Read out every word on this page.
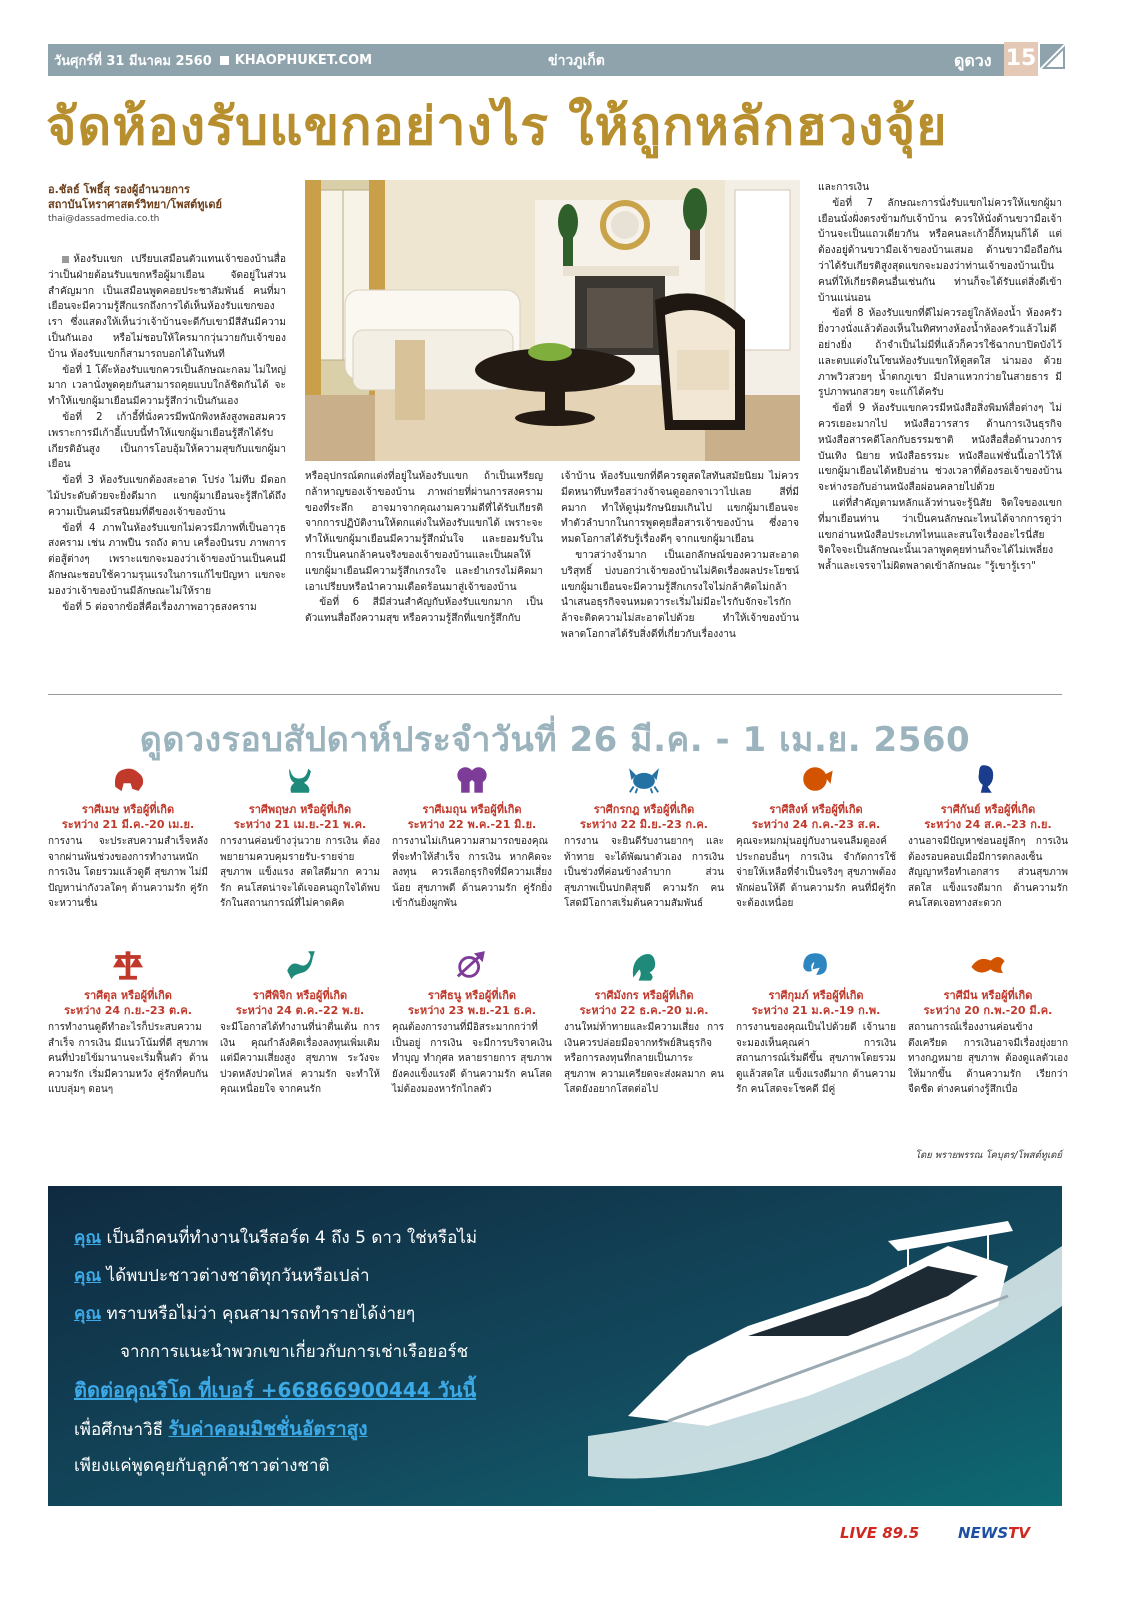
วันศุกร์ที่ 31 มีนาคม 2560 KHAOPHUKET.COM	ข่าวภูเก็ต	ดูดวง 15
จัดห้องรับแขกอย่างไร ให้ถูกหลักฮวงจุ้ย
อ.ชัลธ์ โพธิ์สุ รองผู้อำนวยการ
สถาบันโหราศาสตร์วิทยา/โพสต์ทูเดย์
thai@dassadmedia.co.th

ห้องรับแขก เปรียบเสมือนตัวแทนเจ้าของบ้านสื่อว่าเป็นฝ่ายต้อนรับแขกหรือผู้มาเยือน จัดอยู่ในส่วนสำคัญมาก เป็นเสมือนพูดคอยประชาสัมพันธ์ คนที่มาเยือนจะมีความรู้สึกแรกถึงการได้เห็นห้องรับแขกของเรา ซึ่งแสดงให้เห็นว่าเจ้าบ้านจะดีกับเขามีสีสันมีความเป็นกันเอง หรือไม่ชอบให้ใครมากวุ่นวายกับเจ้าของบ้าน ห้องรับแขกก็สามารถบอกได้ในทันที

ข้อที่ 1 โต๊ะห้องรับแขกควรเป็นลักษณะกลม ไม่ใหญ่มาก เวลานั่งพูดคุยกันสามารถคุยแบบใกล้ชิดกันได้ จะทำให้แขกผู้มาเยือนมีความรู้สึกว่าเป็นกันเอง

ข้อที่ 2 เก้าอี้ที่นั่งควรมีพนักพิงหลังสูงพอสมควร เพราะการมีเก้าอี้แบบนี้ทำให้แขกผู้มาเยือนรู้สึกได้รับเกียรติอันสูง เป็นการโอบอุ้มให้ความสุขกับแขกผู้มาเยือน

ข้อที่ 3 ห้องรับแขกต้องสะอาด โปร่ง ไม่ทึบ มีดอกไม้ประดับด้วยจะยิ่งดีมาก แขกผู้มาเยือนจะรู้สึกได้ถึงความเป็นคนมีรสนิยมที่ดีของเจ้าของบ้าน

ข้อที่ 4 ภาพในห้องรับแขกไม่ควรมีภาพที่เป็นอาวุธสงคราม เช่น ภาพปืน รถถัง ดาบ เครื่องบินรบ ภาพการต่อสู้ต่างๆ เพราะแขกจะมองว่าเจ้าของบ้านเป็นคนมีลักษณะชอบใช้ความรุนแรงในการแก้ไขปัญหา แขกจะมองว่าเจ้าของบ้านมีลักษณะไม่ให้ราย

ข้อที่ 5 ต่อจากข้อสี่คือเรื่องภาพอาวุธสงคราม

หรืออุปกรณ์ตกแต่งที่อยู่ในห้องรับแขก ถ้าเป็นเหรียญกล้าหาญของเจ้าของบ้าน ภาพถ่ายที่ผ่านการสงคราม ของที่ระลึก อาจมาจากคุณงามความดีที่ได้รับเกียรติจากการปฏิบัติงานให้ตกแต่งในห้องรับแขกได้ เพราะจะทำให้แขกผู้มาเยือนมีความรู้สึกมั่นใจ และยอมรับในการเป็นคนกล้าคนจริงของเจ้าของบ้านและเป็นผลให้แขกผู้มาเยือนมีความรู้สึกเกรงใจ และยำเกรงไม่คิดมาเอาเปรียบหรือนำความเดือดร้อนมาสู่เจ้าของบ้าน

ข้อที่ 6 สีมีส่วนสำคัญกับห้องรับแขกมาก เป็นตัวแทนสื่อถึงความสุข หรือความรู้สึกที่แขกรู้สึกกับ

เจ้าบ้าน ห้องรับแขกที่ดีควรดูสดใสทันสมัยนิยม ไม่ควรมีตหนาทึบหรือสว่างจ้าจนดูออกจาเวาไปเลย สีที่มีคมาก ทำให้ดูนุ่มรักษนิยมเกินไป แขกผู้มาเยือนจะทำตัวลำบากในการพูดคุยสื่อสารเจ้าของบ้าน ซึ่งอาจหมดโอกาสได้รับรู้เรื่องดีๆ จากแขกผู้มาเยือน

ขาวสว่างจ้ามาก เป็นเอกลักษณ์ของความสะอาด บริสุทธิ์ บ่งบอกว่าเจ้าของบ้านไม่คิดเรื่องผลประโยชน์ แขกผู้มาเยือนจะมีความรู้สึกเกรงใจไม่กล้าคิดไม่กล้านำเสนอธุรกิจจนหมดวาระเริ่มไม่มีอะไรกับจักจะไรกักล้าจะติดความไม่สะอาดไปด้วย ทำให้เจ้าของบ้านพลาดโอกาสได้รับสิ่งดีที่เกี่ยวกับเรื่องงาน

และการเงิน

ข้อที่ 7 ลักษณะการนั่งรับแขกไม่ควรให้แขกผู้มาเยือนนั่งฝั่งตรงข้ามกับเจ้าบ้าน ควรให้นั่งด้านขวามือเจ้าบ้านจะเป็นแถวเดียวกัน หรือคนละเก้าอี้ก็หมุนก็ได้ แต่ต้องอยู่ด้านขวามือเจ้าของบ้านเสมอ ด้านขวามือถือกันว่าได้รับเกียรติสูงสุดแขกจะมองว่าท่านเจ้าของบ้านเป็นคนที่ให้เกียรติคนอื่นเช่นกัน ท่านก็จะได้รับแต่สิ่งดีเข้าบ้านแน่นอน

ข้อที่ 8 ห้องรับแขกที่ดีไม่ควรอยู่ใกล้ห้องน้ำ ห้องครัว ยิ่งวางนั่งแล้วต้องเห็นในทิศทางห้องน้ำห้องครัวแล้วไม่ดีอย่างยิ่ง ถ้าจำเป็นไม่มีที่แล้วก็ควรใช้ฉากบาปิดบังไว้ และตบแต่งในโซนห้องรับแขกให้ดูสดใส น่ามอง ด้วยภาพวิวสวยๆ น้ำตกภูเขา มีปลาแหวกว่ายในสายธาร มีรูปภาพนกสวยๆ จะแก้ได้ครับ

ข้อที่ 9 ห้องรับแขกควรมีหนังสือสิ่งพิมพ์สื่อต่างๆ ไม่ควรเยอะมากไป หนังสือวารสาร ด้านการเงินธุรกิจ หนังสือสารคดีโลกกับธรรมชาติ หนังสือสื่อด้านวงการบันเทิง นิยาย หนังสือธรรมะ หนังสือแฟชั่นนี้เอาไว้ให้แขกผู้มาเยือนได้หยิบอ่าน ช่วงเวลาที่ต้องรอเจ้าของบ้านจะห่างรอกับอ่านหนังสือผ่อนคลายไปด้วย

แต่ที่สำคัญตามหลักแล้วท่านจะรู้นิสัย จิตใจของแขกที่มาเยือนท่าน ว่าเป็นคนลักษณะไหนได้จากการดูว่าแขกอ่านหนังสือประเภทไหนและสนใจเรื่องอะไรนี่สัย จิตใจจะเป็นลักษณะนั้นเวลาพูดคุยท่านก็จะได้ไม่เพลี่ยงพล้ำและเจรจาไม่ผิดพลาดเข้าลักษณะ "รู้เขารู้เรา"

ดูดวงรอบสัปดาห์ประจำวันที่ 26 มี.ค. - 1 เม.ย. 2560
ราศีเมษ หรือผู้ที่เกิด
ระหว่าง 21 มี.ค.-20 เม.ย.
การงาน จะประสบความสำเร็จหลังจากผ่านพ้นช่วงของการทำงานหนัก การเงิน โดยรวมแล้วดูดี สุขภาพ ไม่มีปัญหาน่ากังวลใดๆ ด้านความรัก คู่รักจะหวานชื่น
ราศีพฤษภ หรือผู้ที่เกิด
ระหว่าง 21 เม.ย.-21 พ.ค.
การงานค่อนข้างวุ่นวาย การเงิน ต้องพยายามควบคุมรายรับ-รายจ่าย สุขภาพ แข็งแรง สดใสดีมาก ความรัก คนโสดน่าจะได้เจอคนถูกใจได้พบรักในสถานการณ์ที่ไม่คาดคิด
ราศีเมถุน หรือผู้ที่เกิด
ระหว่าง 22 พ.ค.-21 มิ.ย.
การงานไม่เกินความสามารถของคุณที่จะทำให้สำเร็จ การเงิน หากคิดจะลงทุน ควรเลือกธุรกิจที่มีความเสี่ยงน้อย สุขภาพดี ด้านความรัก คู่รักยิ่งเข้ากันยิ่งผูกพัน
ราศีกรกฎ หรือผู้ที่เกิด
ระหว่าง 22 มิ.ย.-23 ก.ค.
การงาน จะยินดีรับงานยากๆ และท้าทาย จะได้พัฒนาตัวเอง การเงิน เป็นช่วงที่ค่อนข้างลำบาก ส่วนสุขภาพเป็นปกติสุขดี ความรัก คนโสดมีโอกาสเริ่มต้นความสัมพันธ์
ราศีสิงห์ หรือผู้ที่เกิด
ระหว่าง 24 ก.ค.-23 ส.ค.
คุณจะหมกมุ่นอยู่กับงานจนลืมดูองค์ประกอบอื่นๆ การเงิน จำกัดการใช้จ่ายให้เหลือที่จำเป็นจริงๆ สุขภาพต้องพักผ่อนให้ดี ด้านความรัก คนที่มีคู่รักจะต้องเหนื่อย
ราศีกันย์ หรือผู้ที่เกิด
ระหว่าง 24 ส.ค.-23 ก.ย.
งานอาจมีปัญหาซ่อนอยู่ลึกๆ การเงิน ต้องรอบคอบเมื่อมีการตกลงเซ็นสัญญาหรือทำเอกสาร ส่วนสุขภาพ สดใส แข็งแรงดีมาก ด้านความรัก คนโสดเจอทางสะดวก
ราศีตุล หรือผู้ที่เกิด
ระหว่าง 24 ก.ย.-23 ต.ค.
การทำงานดูดีทำอะไรก็ประสบความสำเร็จ การเงิน มีแนวโน้มที่ดี สุขภาพ คนที่ป่วยไข้มานานจะเริ่มฟื้นตัว ด้านความรัก เริ่มมีความหวัง คู่รักที่คบกันแบบลุ่มๆ ดอนๆ
ราศีพิจิก หรือผู้ที่เกิด
ระหว่าง 24 ต.ค.-22 พ.ย.
จะมีโอกาสได้ทำงานที่น่าตื่นเต้น การเงิน คุณกำลังคิดเรื่องลงทุนเพิ่มเติม แต่มีความเสี่ยงสูง สุขภาพ ระวังจะปวดหลังปวดไหล่ ความรัก จะทำให้คุณเหนื่อยใจ จากคนรัก
ราศีธนู หรือผู้ที่เกิด
ระหว่าง 23 พ.ย.-21 ธ.ค.
คุณต้องการงานที่มีอิสระมากกว่าที่เป็นอยู่ การเงิน จะมีการบริจาคเงิน ทำบุญ ทำกุศล หลายรายการ สุขภาพ ยังคงแข็งแรงดี ด้านความรัก คนโสดไม่ต้องมองหารักไกลตัว
ราศีมังกร หรือผู้ที่เกิด
ระหว่าง 22 ธ.ค.-20 ม.ค.
งานใหม่ท้าทายและมีความเสี่ยง การเงินควรปล่อยมือจากทรัพย์สินธุรกิจหรือการลงทุนที่กลายเป็นภาระ สุขภาพ ความเครียดจะส่งผลมาก คนโสดยังอยากโสดต่อไป
ราศีกุมภ์ หรือผู้ที่เกิด
ระหว่าง 21 ม.ค.-19 ก.พ.
การงานของคุณเป็นไปด้วยดี เจ้านายจะมองเห็นคุณค่า การเงิน สถานการณ์เริ่มดีขึ้น สุขภาพโดยรวมดูแล้วสดใส แข็งแรงดีมาก ด้านความรัก คนโสดจะโชคดี มีคู่
ราศีมีน หรือผู้ที่เกิด
ระหว่าง 20 ก.พ.-20 มี.ค.
สถานการณ์เรื่องงานค่อนข้างตึงเครียด การเงินอาจมีเรื่องยุ่งยากทางกฎหมาย สุขภาพ ต้องดูแลตัวเองให้มากขึ้น ด้านความรัก เรียกว่าจืดชืด ต่างคนต่างรู้สึกเบื่อ
โดย พรายพรรณ โคบุตร/โพสต์ทูเดย์
คุณ เป็นอีกคนที่ทำงานในรีสอร์ต 4 ถึง 5 ดาว ใช่หรือไม่
คุณ ได้พบปะชาวต่างชาติทุกวันหรือเปล่า
คุณ ทราบหรือไม่ว่า คุณสามารถทำรายได้ง่ายๆ
จากการแนะนำพวกเขาเกี่ยวกับการเช่าเรือยอร์ช
ติดต่อคุณริโด ที่เบอร์ +66866900444 วันนี้
เพื่อศึกษาวิธี รับค่าคอมมิชชั่นอัตราสูง
เพียงแค่พูดคุยกับลูกค้าชาวต่างชาติ
LIVE 89.5	NEWSTV
